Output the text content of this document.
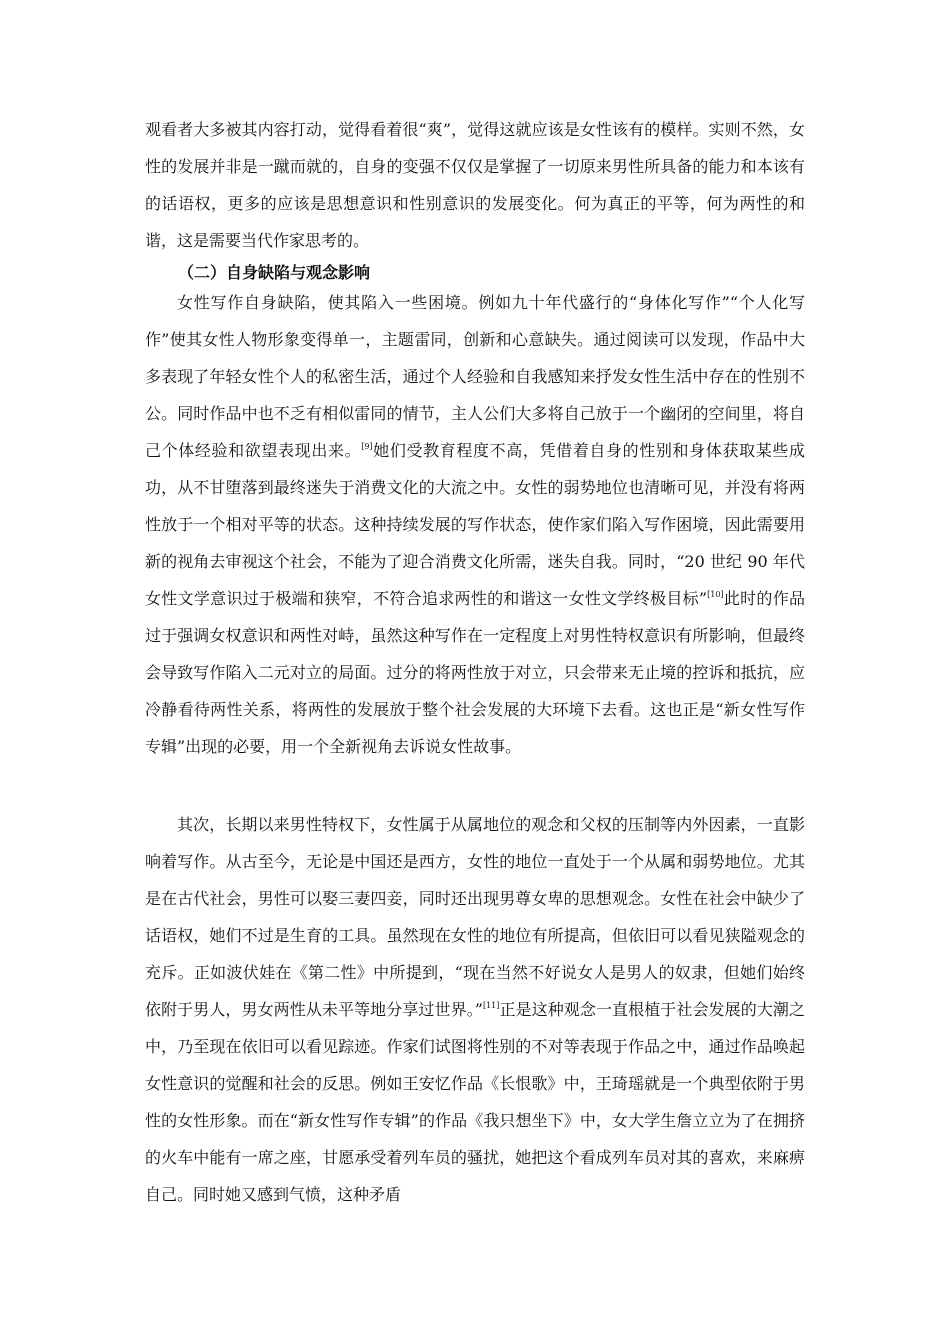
观看者大多被其内容打动，觉得看着很“爽”，觉得这就应该是女性该有的模样。实则不然，女性的发展并非是一蹴而就的，自身的变强不仅仅是掌握了一切原来男性所具备的能力和本该有的话语权，更多的应该是思想意识和性别意识的发展变化。何为真正的平等，何为两性的和谐，这是需要当代作家思考的。

（二）自身缺陷与观念影响

女性写作自身缺陷，使其陷入一些困境。例如九十年代盛行的“身体化写作”“个人化写作”使其女性人物形象变得单一，主题雷同，创新和心意缺失。通过阅读可以发现，作品中大多表现了年轻女性个人的私密生活，通过个人经验和自我感知来抒发女性生活中存在的性别不公。同时作品中也不乏有相似雷同的情节，主人公们大多将自己放于一个幽闭的空间里，将自己个体经验和欲望表现出来。[9]她们受教育程度不高，凭借着自身的性别和身体获取某些成功，从不甘堕落到最终迷失于消费文化的大流之中。女性的弱势地位也清晰可见，并没有将两性放于一个相对平等的状态。这种持续发展的写作状态，使作家们陷入写作困境，因此需要用新的视角去审视这个社会，不能为了迎合消费文化所需，迷失自我。同时，“20 世纪 90 年代女性文学意识过于极端和狭窄，不符合追求两性的和谐这一女性文学终极目标”[10]此时的作品过于强调女权意识和两性对峙，虽然这种写作在一定程度上对男性特权意识有所影响，但最终会导致写作陷入二元对立的局面。过分的将两性放于对立，只会带来无止境的控诉和抵抗，应冷静看待两性关系，将两性的发展放于整个社会发展的大环境下去看。这也正是“新女性写作专辑”出现的必要，用一个全新视角去诉说女性故事。

其次，长期以来男性特权下，女性属于从属地位的观念和父权的压制等内外因素，一直影响着写作。从古至今，无论是中国还是西方，女性的地位一直处于一个从属和弱势地位。尤其是在古代社会，男性可以娶三妻四妾，同时还出现男尊女卑的思想观念。女性在社会中缺少了话语权，她们不过是生育的工具。虽然现在女性的地位有所提高，但依旧可以看见狭隘观念的充斥。正如波伏娃在《第二性》中所提到，“现在当然不好说女人是男人的奴隶，但她们始终依附于男人，男女两性从未平等地分享过世界。”[11]正是这种观念一直根植于社会发展的大潮之中，乃至现在依旧可以看见踪迹。作家们试图将性别的不对等表现于作品之中，通过作品唤起女性意识的觉醒和社会的反思。例如王安忆作品《长恨歌》中，王琦瑶就是一个典型依附于男性的女性形象。而在“新女性写作专辑”的作品《我只想坐下》中，女大学生詹立立为了在拥挤的火车中能有一席之座，甘愿承受着列车员的骚扰，她把这个看成列车员对其的喜欢，来麻痹自己。同时她又感到气愤，这种矛盾
